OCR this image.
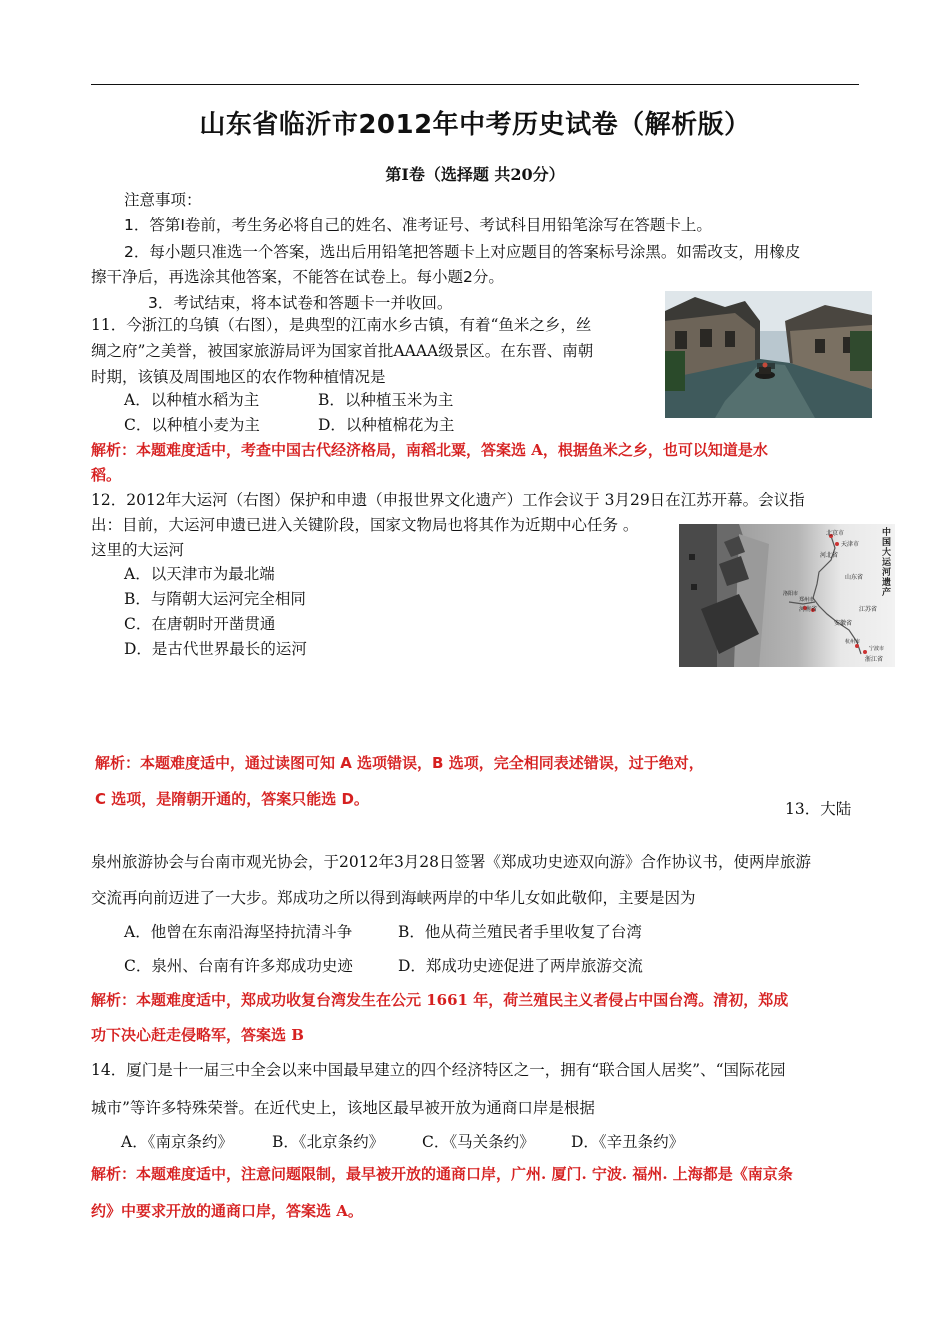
山东省临沂市2012年中考历史试卷（解析版）
第Ⅰ卷（选择题 共20分）
注意事项：
1．答第Ⅰ卷前，考生务必将自己的姓名、准考证号、考试科目用铅笔涂写在答题卡上。
2．每小题只准选一个答案，选出后用铅笔把答题卡上对应题目的答案标号涂黑。如需改支，用橡皮
擦干净后，再选涂其他答案，不能答在试卷上。每小题2分。
3．考试结束，将本试卷和答题卡一并收回。
11．今浙江的乌镇（右图），是典型的江南水乡古镇，有着“鱼米之乡，丝
绸之府”之美誉，被国家旅游局评为国家首批AAAA级景区。在东晋、南朝
时期，该镇及周围地区的农作物种植情况是
A．以种植水稻为主	B．以种植玉米为主
C．以种植小麦为主	D．以种植棉花为主
解析：本题难度适中，考查中国古代经济格局，南稻北粟，答案选 A，根据鱼米之乡，也可以知道是水
稻。
12．2012年大运河（右图）保护和申遗（申报世界文化遗产）工作会议于 3月29日在江苏开幕。会议指
出：目前，大运河申遗已进入关键阶段，国家文物局也将其作为近期中心任务 。
这里的大运河
A．以天津市为最北端
B．与隋朝大运河完全相同
C．在唐朝时开凿贯通
D．是古代世界最长的运河
中国大运河遗产
北京市
天津市
河北省
山东省
洛阳市
郑州市
河南省	江苏省
安徽省
杭州市
宁波市
浙江省
解析：本题难度适中，通过读图可知 A 选项错误，B 选项，完全相同表述错误，过于绝对，
C 选项，是隋朝开通的，答案只能选 D。
13．大陆
泉州旅游协会与台南市观光协会，于2012年3月28日签署《郑成功史迹双向游》合作协议书，使两岸旅游
交流再向前迈进了一大步。郑成功之所以得到海峡两岸的中华儿女如此敬仰，主要是因为
A．他曾在东南沿海坚持抗清斗争	B．他从荷兰殖民者手里收复了台湾
C．泉州、台南有许多郑成功史迹	D．郑成功史迹促进了两岸旅游交流
解析：本题难度适中，郑成功收复台湾发生在公元 1661 年，荷兰殖民主义者侵占中国台湾。清初，郑成
功下决心赶走侵略军，答案选 B
14．厦门是十一届三中全会以来中国最早建立的四个经济特区之一，拥有“联合国人居奖”、“国际花园
城市”等许多特殊荣誉。在近代史上，该地区最早被开放为通商口岸是根据
A．《南京条约》	B．《北京条约》 C．《马关条约》 D．《辛丑条约》
解析：本题难度适中，注意问题限制，最早被开放的通商口岸，广州. 厦门. 宁波. 福州. 上海都是《南京条
约》中要求开放的通商口岸，答案选 A。
